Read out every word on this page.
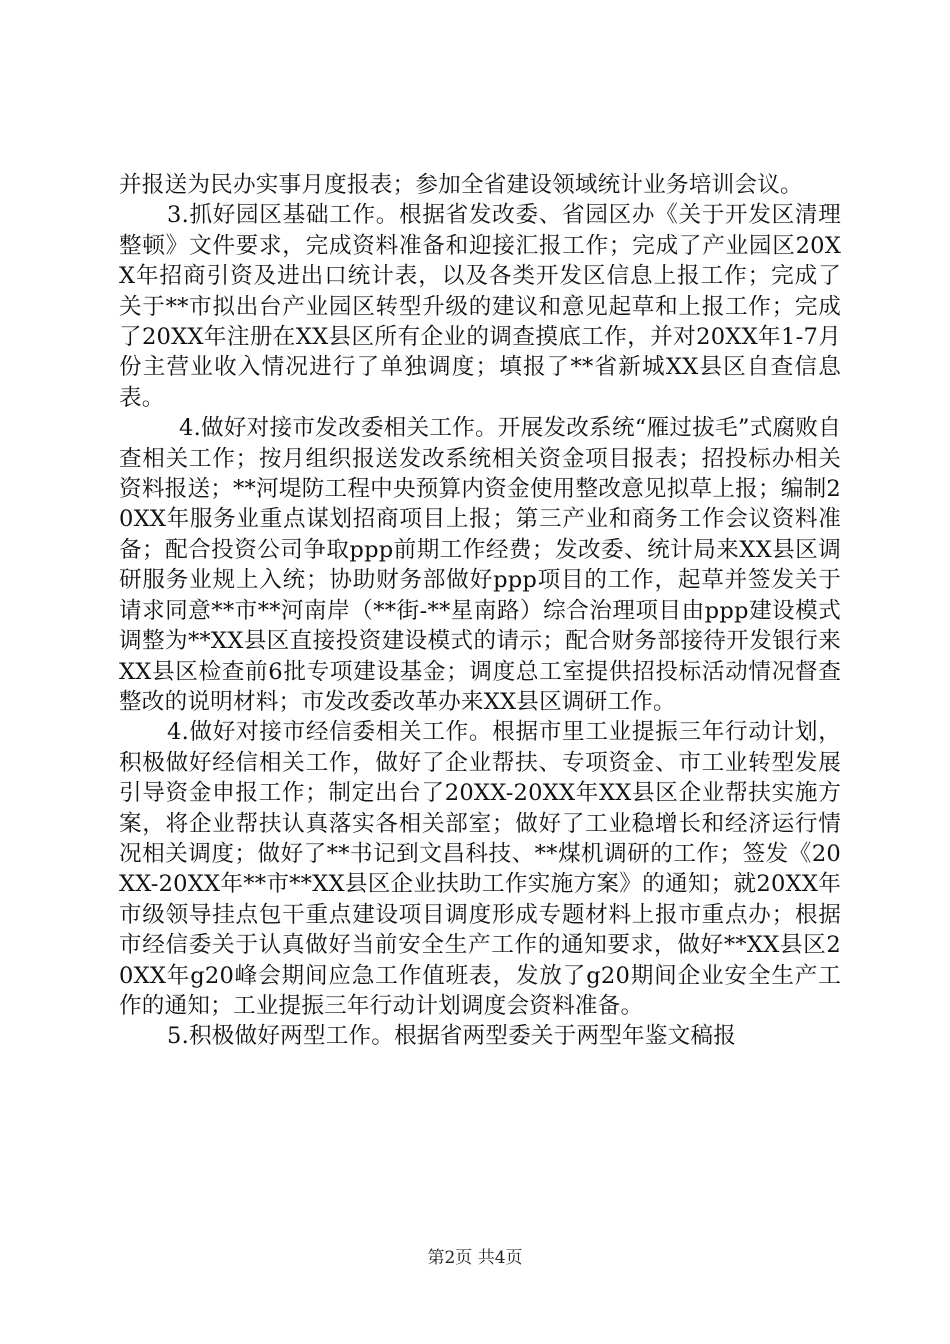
并报送为民办实事月度报表；参加全省建设领域统计业务培训会议。

3.抓好园区基础工作。根据省发改委、省园区办《关于开发区清理整顿》文件要求，完成资料准备和迎接汇报工作；完成了产业园区20XX年招商引资及进出口统计表，以及各类开发区信息上报工作；完成了关于**市拟出台产业园区转型升级的建议和意见起草和上报工作；完成了20XX年注册在XX县区所有企业的调查摸底工作，并对20XX年1-7月份主营业收入情况进行了单独调度；填报了**省新城XX县区自查信息表。

4.做好对接市发改委相关工作。开展发改系统“雁过拔毛”式腐败自查相关工作；按月组织报送发改系统相关资金项目报表；招投标办相关资料报送；**河堤防工程中央预算内资金使用整改意见拟草上报；编制20XX年服务业重点谋划招商项目上报；第三产业和商务工作会议资料准备；配合投资公司争取ppp前期工作经费；发改委、统计局来XX县区调研服务业规上入统；协助财务部做好ppp项目的工作，起草并签发关于请求同意**市**河南岸（**街-**星南路）综合治理项目由ppp建设模式调整为**XX县区直接投资建设模式的请示；配合财务部接待开发银行来XX县区检查前6批专项建设基金；调度总工室提供招投标活动情况督查整改的说明材料；市发改委改革办来XX县区调研工作。

4.做好对接市经信委相关工作。根据市里工业提振三年行动计划，积极做好经信相关工作，做好了企业帮扶、专项资金、市工业转型发展引导资金申报工作；制定出台了20XX-20XX年XX县区企业帮扶实施方案，将企业帮扶认真落实各相关部室；做好了工业稳增长和经济运行情况相关调度；做好了**书记到文昌科技、**煤机调研的工作；签发《20XX-20XX年**市**XX县区企业扶助工作实施方案》的通知；就20XX年市级领导挂点包干重点建设项目调度形成专题材料上报市重点办；根据市经信委关于认真做好当前安全生产工作的通知要求，做好**XX县区20XX年g20峰会期间应急工作值班表，发放了g20期间企业安全生产工作的通知；工业提振三年行动计划调度会资料准备。

5.积极做好两型工作。根据省两型委关于两型年鉴文稿报

第2页 共4页
